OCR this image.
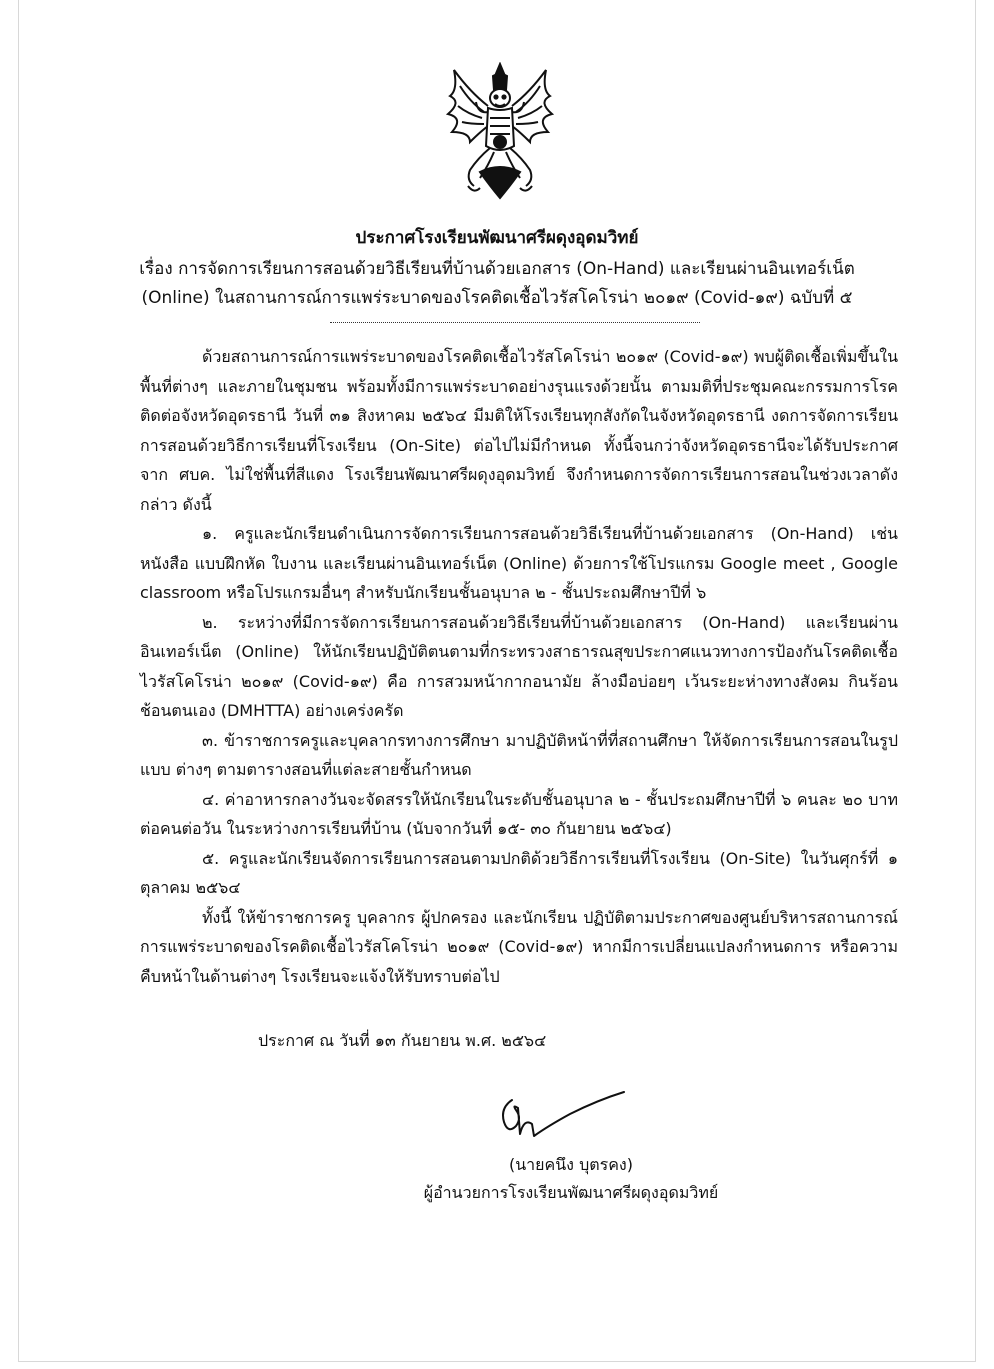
ประกาศโรงเรียนพัฒนาศรีผดุงอุดมวิทย์
เรื่อง การจัดการเรียนการสอนด้วยวิธีเรียนที่บ้านด้วยเอกสาร (On-Hand) และเรียนผ่านอินเทอร์เน็ต
(Online) ในสถานการณ์การแพร่ระบาดของโรคติดเชื้อไวรัสโคโรน่า ๒๐๑๙ (Covid-๑๙) ฉบับที่ ๕

ด้วยสถานการณ์การแพร่ระบาดของโรคติดเชื้อไวรัสโคโรน่า ๒๐๑๙ (Covid-๑๙) พบผู้ติดเชื้อเพิ่มขึ้นในพื้นที่ต่างๆ และภายในชุมชน พร้อมทั้งมีการแพร่ระบาดอย่างรุนแรงด้วยนั้น ตามมติที่ประชุมคณะกรรมการโรคติดต่อจังหวัดอุดรธานี วันที่ ๓๑ สิงหาคม ๒๕๖๔ มีมติให้โรงเรียนทุกสังกัดในจังหวัดอุดรธานี งดการจัดการเรียนการสอนด้วยวิธีการเรียนที่โรงเรียน (On-Site) ต่อไปไม่มีกำหนด ทั้งนี้จนกว่าจังหวัดอุดรธานีจะได้รับประกาศจาก ศบค. ไม่ใช่พื้นที่สีแดง โรงเรียนพัฒนาศรีผดุงอุดมวิทย์ จึงกำหนดการจัดการเรียนการสอนในช่วงเวลาดังกล่าว ดังนี้

๑. ครูและนักเรียนดำเนินการจัดการเรียนการสอนด้วยวิธีเรียนที่บ้านด้วยเอกสาร (On-Hand) เช่น หนังสือ แบบฝึกหัด ใบงาน และเรียนผ่านอินเทอร์เน็ต (Online) ด้วยการใช้โปรแกรม Google meet , Google classroom หรือโปรแกรมอื่นๆ สำหรับนักเรียนชั้นอนุบาล ๒ - ชั้นประถมศึกษาปีที่ ๖

๒. ระหว่างที่มีการจัดการเรียนการสอนด้วยวิธีเรียนที่บ้านด้วยเอกสาร (On-Hand) และเรียนผ่านอินเทอร์เน็ต (Online) ให้นักเรียนปฏิบัติตนตามที่กระทรวงสาธารณสุขประกาศแนวทางการป้องกันโรคติดเชื้อไวรัสโคโรน่า ๒๐๑๙ (Covid-๑๙) คือ การสวมหน้ากากอนามัย ล้างมือบ่อยๆ เว้นระยะห่างทางสังคม กินร้อน ช้อนตนเอง (DMHTTA) อย่างเคร่งครัด

๓. ข้าราชการครูและบุคลากรทางการศึกษา มาปฏิบัติหน้าที่ที่สถานศึกษา ให้จัดการเรียนการสอนในรูปแบบ ต่างๆ ตามตารางสอนที่แต่ละสายชั้นกำหนด

๔. ค่าอาหารกลางวันจะจัดสรรให้นักเรียนในระดับชั้นอนุบาล ๒ - ชั้นประถมศึกษาปีที่ ๖ คนละ ๒๐ บาท ต่อคนต่อวัน ในระหว่างการเรียนที่บ้าน (นับจากวันที่ ๑๕- ๓๐ กันยายน ๒๕๖๔)

๕. ครูและนักเรียนจัดการเรียนการสอนตามปกติด้วยวิธีการเรียนที่โรงเรียน (On-Site) ในวันศุกร์ที่ ๑ ตุลาคม ๒๕๖๔

ทั้งนี้ ให้ข้าราชการครู บุคลากร ผู้ปกครอง และนักเรียน ปฏิบัติตามประกาศของศูนย์บริหารสถานการณ์การแพร่ระบาดของโรคติดเชื้อไวรัสโคโรน่า ๒๐๑๙ (Covid-๑๙) หากมีการเปลี่ยนแปลงกำหนดการ หรือความคืบหน้าในด้านต่างๆ โรงเรียนจะแจ้งให้รับทราบต่อไป

ประกาศ ณ วันที่ ๑๓ กันยายน พ.ศ. ๒๕๖๔
(นายคนึง บุตรคง)
ผู้อำนวยการโรงเรียนพัฒนาศรีผดุงอุดมวิทย์
